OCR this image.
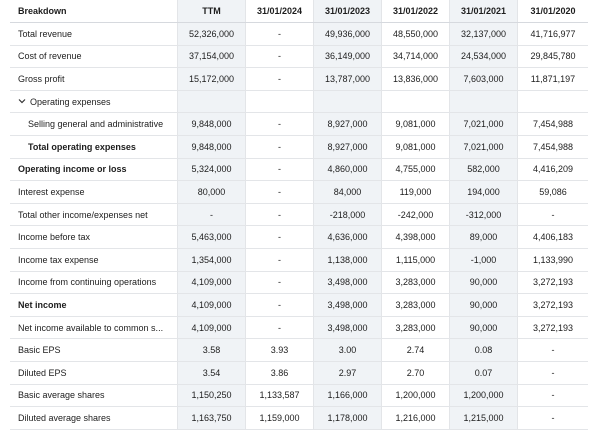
Breakdown	TTM	31/01/2024	31/01/2023	31/01/2022	31/01/2021	31/01/2020
Total revenue	52,326,000	-	49,936,000	48,550,000	32,137,000	41,716,977
Cost of revenue	37,154,000	-	36,149,000	34,714,000	24,534,000	29,845,780
Gross profit	15,172,000	-	13,787,000	13,836,000	7,603,000	11,871,197
Operating expenses
Selling general and administrative	9,848,000	-	8,927,000	9,081,000	7,021,000	7,454,988
Total operating expenses	9,848,000	-	8,927,000	9,081,000	7,021,000	7,454,988
Operating income or loss	5,324,000	-	4,860,000	4,755,000	582,000	4,416,209
Interest expense	80,000	-	84,000	119,000	194,000	59,086
Total other income/expenses net	-	-	-218,000	-242,000	-312,000	-
Income before tax	5,463,000	-	4,636,000	4,398,000	89,000	4,406,183
Income tax expense	1,354,000	-	1,138,000	1,115,000	-1,000	1,133,990
Income from continuing operations	4,109,000	-	3,498,000	3,283,000	90,000	3,272,193
Net income	4,109,000	-	3,498,000	3,283,000	90,000	3,272,193
Net income available to common s...	4,109,000	-	3,498,000	3,283,000	90,000	3,272,193
Basic EPS	3.58	3.93	3.00	2.74	0.08	-
Diluted EPS	3.54	3.86	2.97	2.70	0.07	-
Basic average shares	1,150,250	1,133,587	1,166,000	1,200,000	1,200,000	-
Diluted average shares	1,163,750	1,159,000	1,178,000	1,216,000	1,215,000	-
